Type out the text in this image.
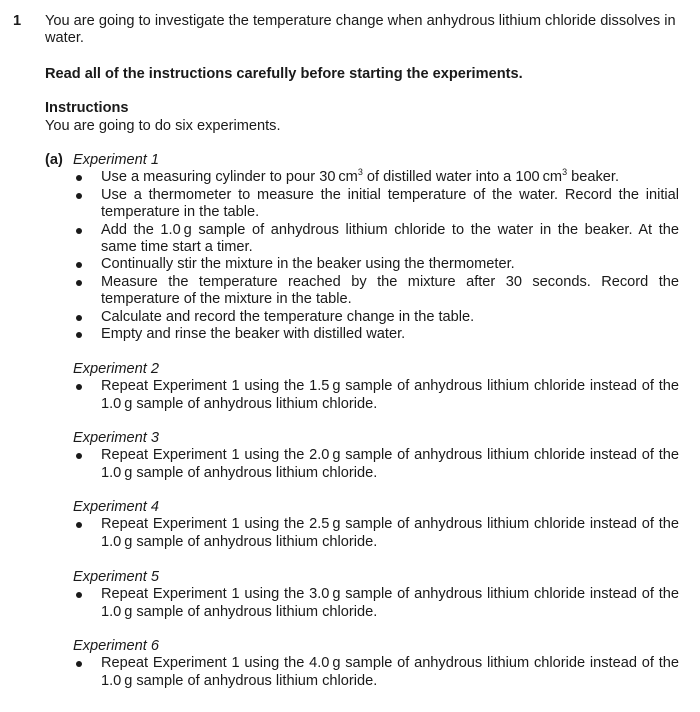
1 You are going to investigate the temperature change when anhydrous lithium chloride dissolves in water.
Read all of the instructions carefully before starting the experiments.
Instructions
You are going to do six experiments.
(a) Experiment 1
Use a measuring cylinder to pour 30 $cm^3$ of distilled water into a 100 $cm^3$ beaker.
Use a thermometer to measure the initial temperature of the water. Record the initial temperature in the table.
Add the 1.0 g sample of anhydrous lithium chloride to the water in the beaker. At the same time start a timer.
Continually stir the mixture in the beaker using the thermometer.
Measure the temperature reached by the mixture after 30 seconds. Record the temperature of the mixture in the table.
Calculate and record the temperature change in the table.
Empty and rinse the beaker with distilled water.
Experiment 2
Repeat Experiment 1 using the 1.5 g sample of anhydrous lithium chloride instead of the 1.0 g sample of anhydrous lithium chloride.
Experiment 3
Repeat Experiment 1 using the 2.0 g sample of anhydrous lithium chloride instead of the 1.0 g sample of anhydrous lithium chloride.
Experiment 4
Repeat Experiment 1 using the 2.5 g sample of anhydrous lithium chloride instead of the 1.0 g sample of anhydrous lithium chloride.
Experiment 5
Repeat Experiment 1 using the 3.0 g sample of anhydrous lithium chloride instead of the 1.0 g sample of anhydrous lithium chloride.
Experiment 6
Repeat Experiment 1 using the 4.0 g sample of anhydrous lithium chloride instead of the 1.0 g sample of anhydrous lithium chloride.
